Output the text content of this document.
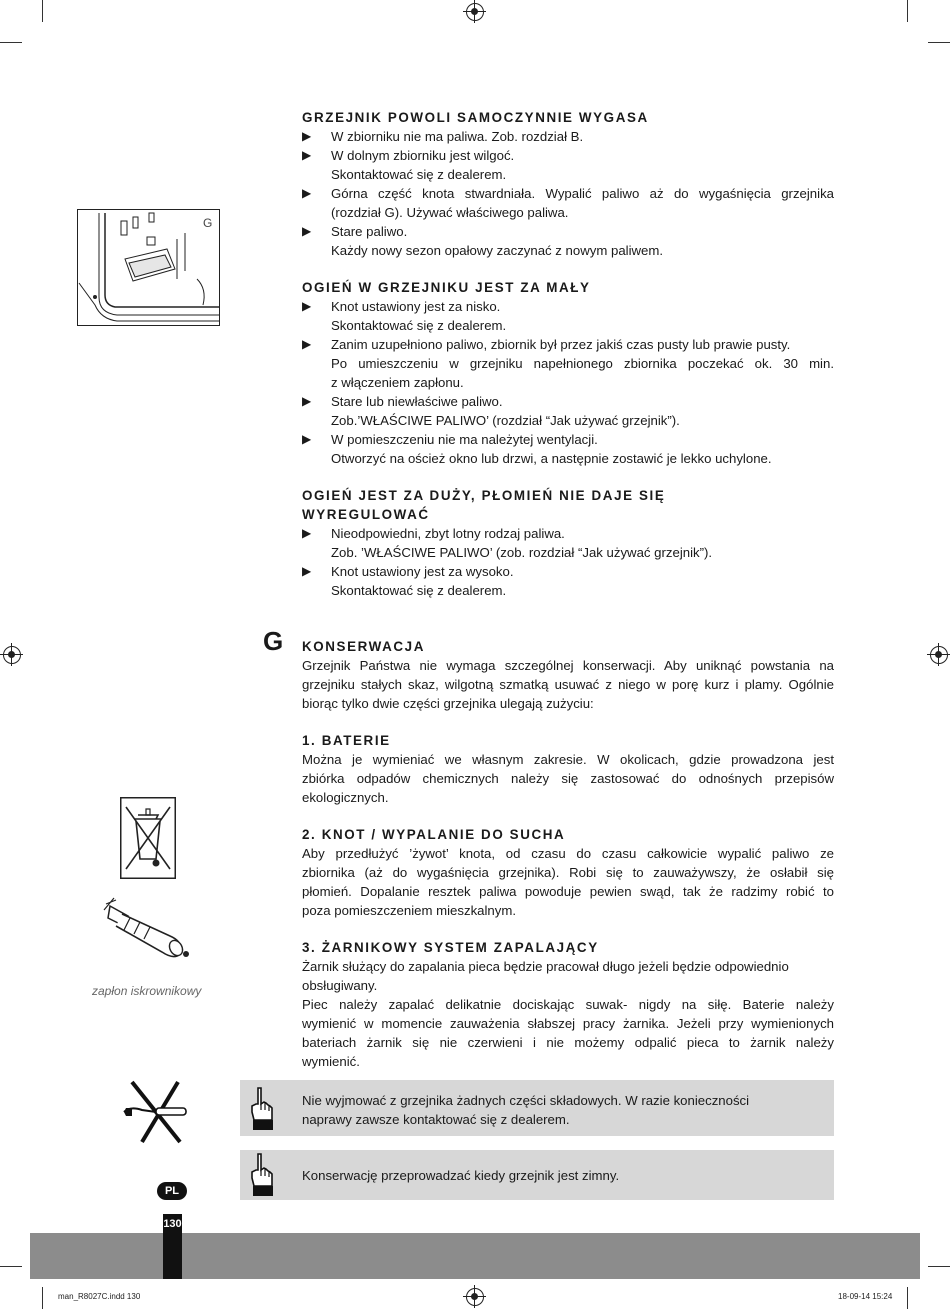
G
GRZEJNIK POWOLI SAMOCZYNNIE WYGASA
▶ W zbiorniku nie ma paliwa. Zob. rozdział B.
▶ W dolnym zbiorniku jest wilgoć.
Skontaktować się z dealerem.
▶ Górna część knota stwardniała. Wypalić paliwo aż do wygaśnięcia grzejnika
(rozdział G). Używać właściwego paliwa.
▶ Stare paliwo.
Każdy nowy sezon opałowy zaczynać z nowym paliwem.
OGIEŃ W GRZEJNIKU JEST ZA MAŁY
▶ Knot ustawiony jest za nisko.
Skontaktować się z dealerem.
▶ Zanim uzupełniono paliwo, zbiornik był przez jakiś czas pusty lub prawie pusty.
Po umieszczeniu w grzejniku napełnionego zbiornika poczekać ok. 30 min.
z włączeniem zapłonu.
▶ Stare lub niewłaściwe paliwo.
Zob.’WŁAŚCIWE PALIWO’ (rozdział “Jak używać grzejnik”).
▶ W pomieszczeniu nie ma należytej wentylacji.
Otworzyć na oścież okno lub drzwi, a następnie zostawić je lekko uchylone.
OGIEŃ JEST ZA DUŻY, PŁOMIEŃ NIE DAJE SIĘ
WYREGULOWAĆ
▶ Nieodpowiedni, zbyt lotny rodzaj paliwa.
Zob. ’WŁAŚCIWE PALIWO’ (zob. rozdział “Jak używać grzejnik”).
▶ Knot ustawiony jest za wysoko.
Skontaktować się z dealerem.
G KONSERWACJA
Grzejnik Państwa nie wymaga szczególnej konserwacji. Aby uniknąć powstania na
grzejniku stałych skaz, wilgotną szmatką usuwać z niego w porę kurz i plamy. Ogólnie
biorąc tylko dwie części grzejnika ulegają zużyciu:
1. BATERIE
Można je wymieniać we własnym zakresie. W okolicach, gdzie prowadzona jest
zbiórka odpadów chemicznych należy się zastosować do odnośnych przepisów
ekologicznych.
2. KNOT / WYPALANIE DO SUCHA
Aby przedłużyć ’żywot’ knota, od czasu do czasu całkowicie wypalić paliwo ze
zbiornika (aż do wygaśnięcia grzejnika). Robi się to zauważywszy, że osłabił się
płomień. Dopalanie resztek paliwa powoduje pewien swąd, tak że radzimy robić to
poza pomieszczeniem mieszkalnym.
3. ŻARNIKOWY SYSTEM ZAPALAJĄCY
Żarnik służący do zapalania pieca będzie pracował długo jeżeli będzie odpowiednio
obsługiwany.
Piec należy zapalać delikatnie dociskając suwak- nigdy na siłę. Baterie należy
wymienić w momencie zauważenia słabszej pracy żarnika. Jeżeli przy wymienionych
bateriach żarnik się nie czerwieni i nie możemy odpalić pieca to żarnik należy
wymienić.
zapłon iskrownikowy
Nie wyjmować z grzejnika żadnych części składowych. W razie konieczności
naprawy zawsze kontaktować się z dealerem.
Konserwację przeprowadzać kiedy grzejnik jest zimny.
PL
130
man_R8027C.indd 130	18-09-14 15:24
